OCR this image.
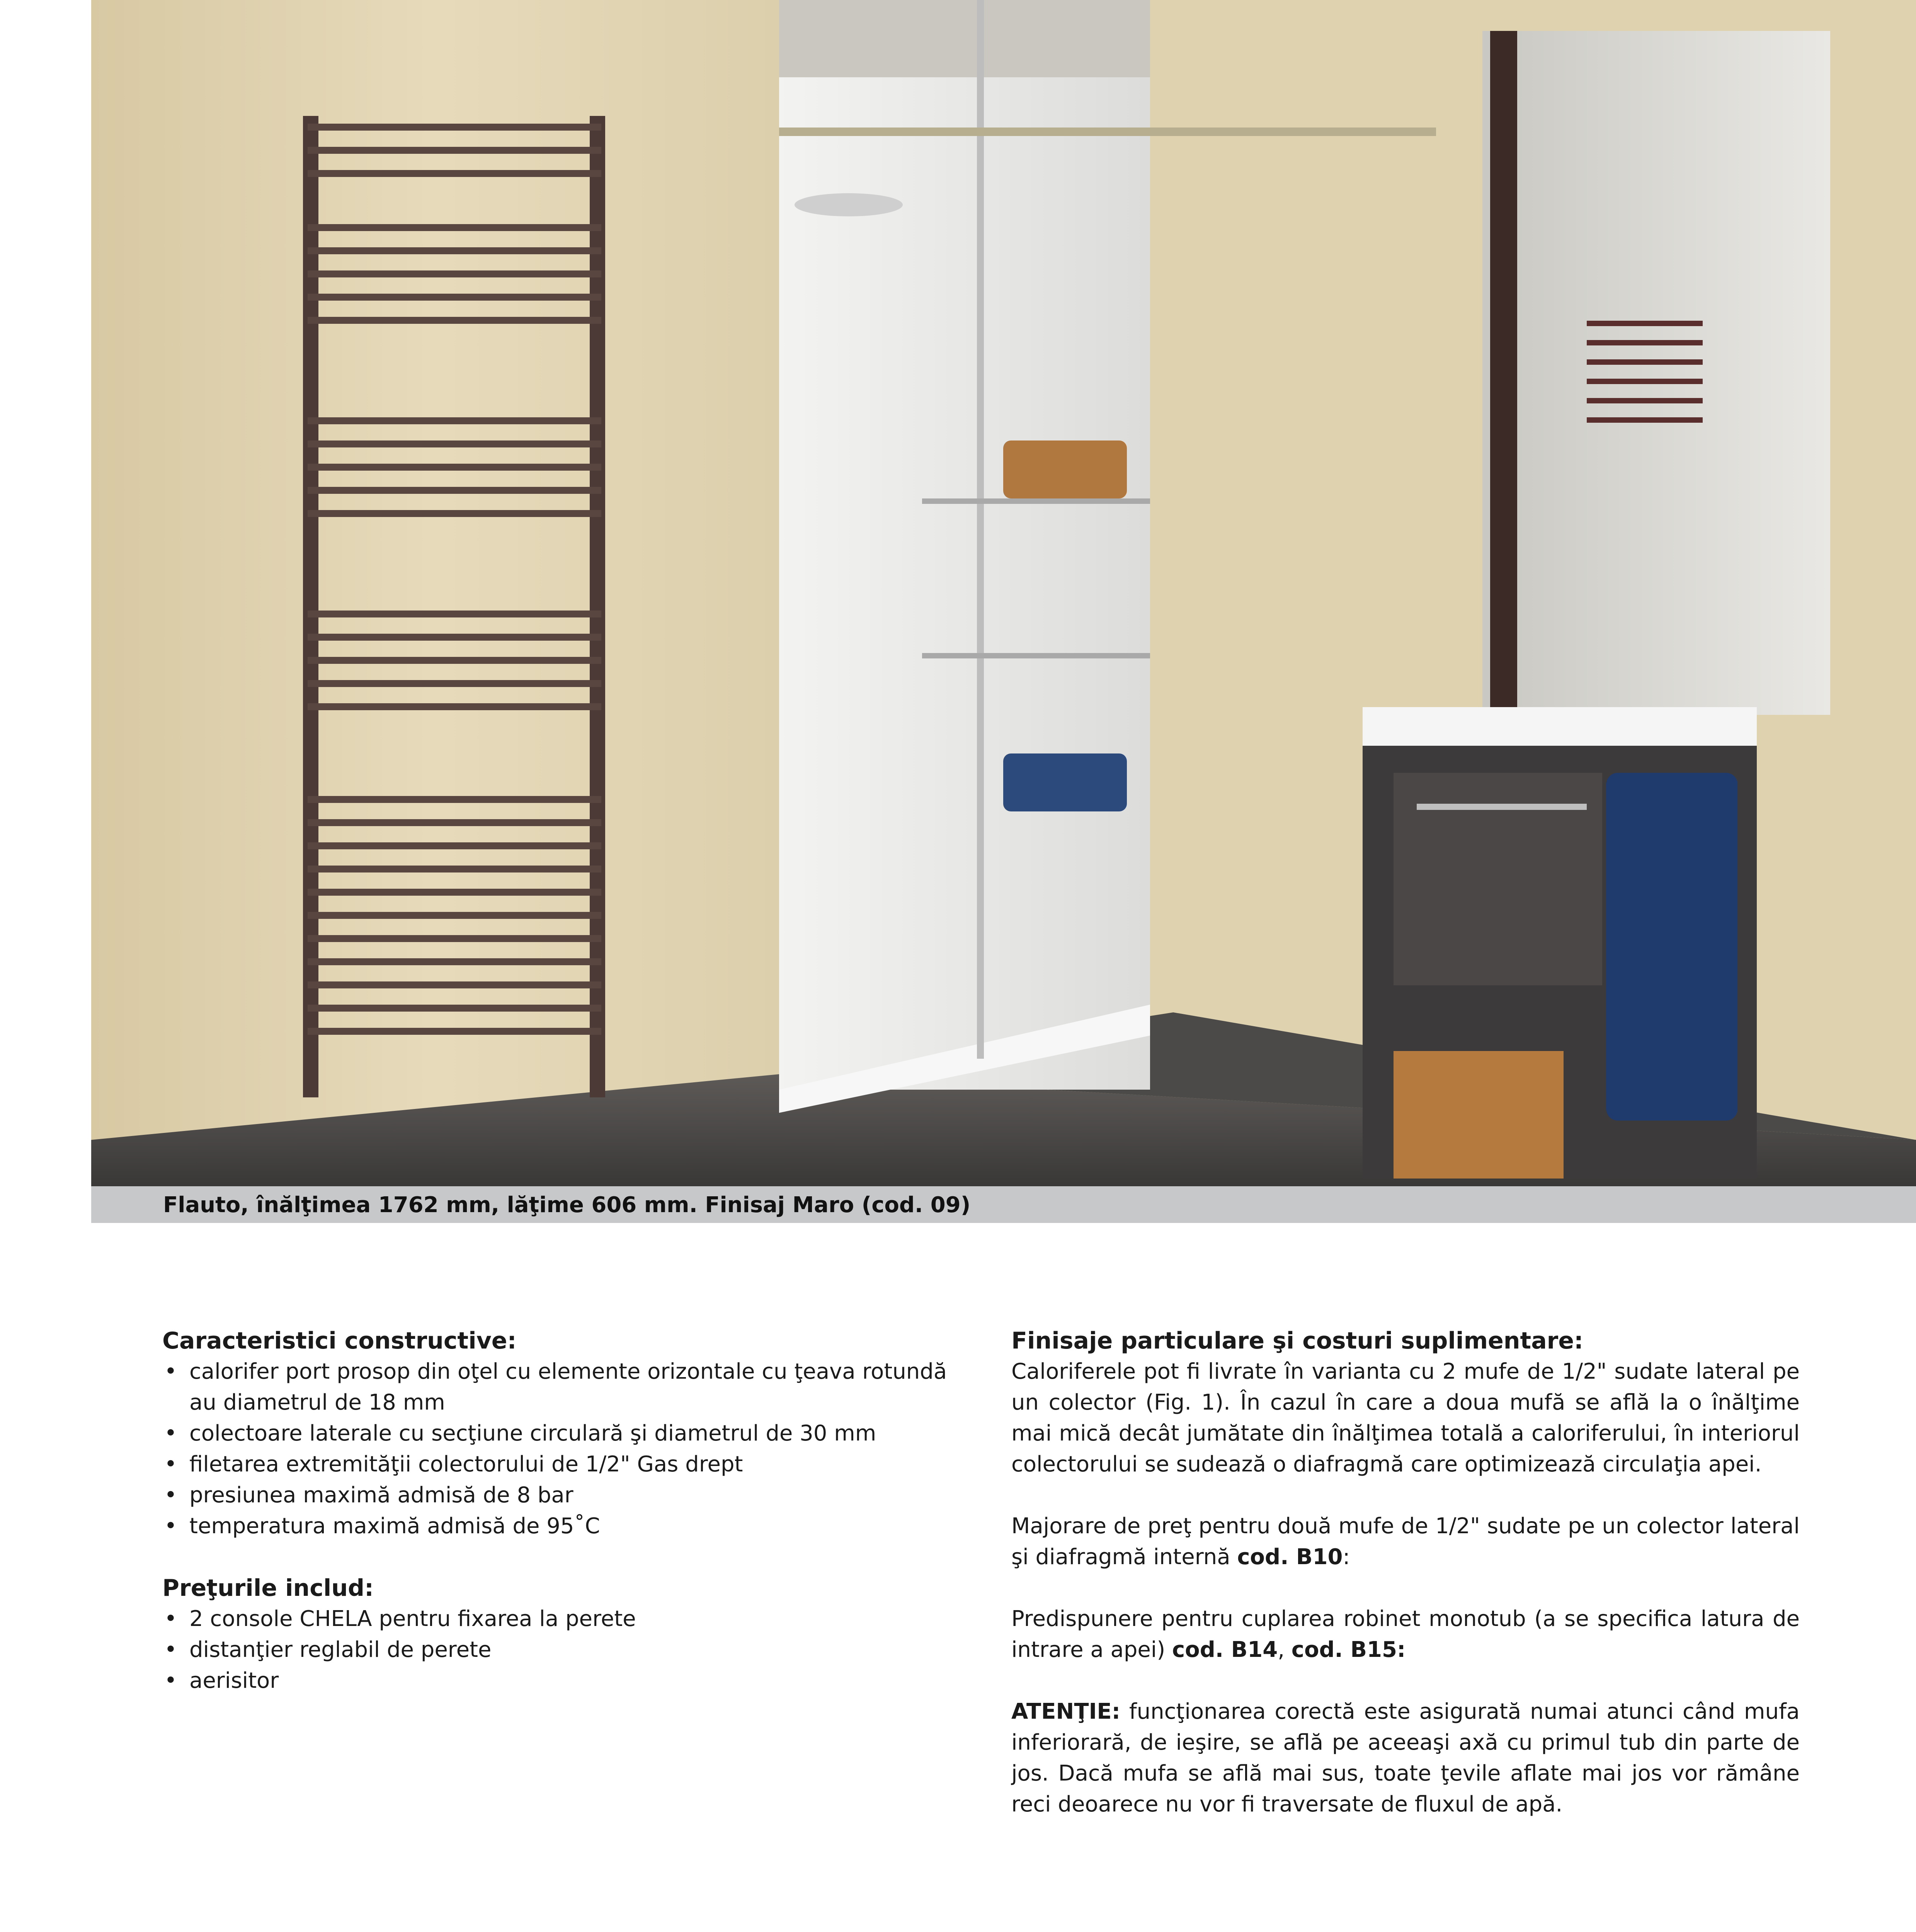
Flauto, înălţimea 1762 mm, lăţime 606 mm. Finisaj Maro (cod. 09)

Caracteristici constructive:

• calorifer port prosop din oţel cu elemente orizontale cu ţeava rotundă au diametrul de 18 mm
• colectoare laterale cu secţiune circulară şi diametrul de 30 mm
• filetarea extremităţii colectorului de 1/2" Gas drept
• presiunea maximă admisă de 8 bar
• temperatura maximă admisă de 95˚C

Preţurile includ:

• 2 console CHELA pentru fixarea la perete
• distanţier reglabil de perete
• aerisitor

Finisaje particulare şi costuri suplimentare:

Caloriferele pot fi livrate în varianta cu 2 mufe de 1/2" sudate lateral pe un colector (Fig. 1). În cazul în care a doua mufă se află la o înălţime mai mică decât jumătate din înălţimea totală a caloriferului, în interiorul colectorului se sudează o diafragmă care optimizează circulaţia apei.

Majorare de preţ pentru două mufe de 1/2" sudate pe un colector lateral şi diafragmă internă cod. B10:

Predispunere pentru cuplarea robinet monotub (a se specifica latura de intrare a apei) cod. B14, cod. B15:

ATENŢIE: funcţionarea corectă este asigurată numai atunci când mufa inferiorară, de ieşire, se află pe aceeaşi axă cu primul tub din parte de jos. Dacă mufa se află mai sus, toate ţevile aflate mai jos vor rămâne reci deoarece nu vor fi traversate de fluxul de apă.
